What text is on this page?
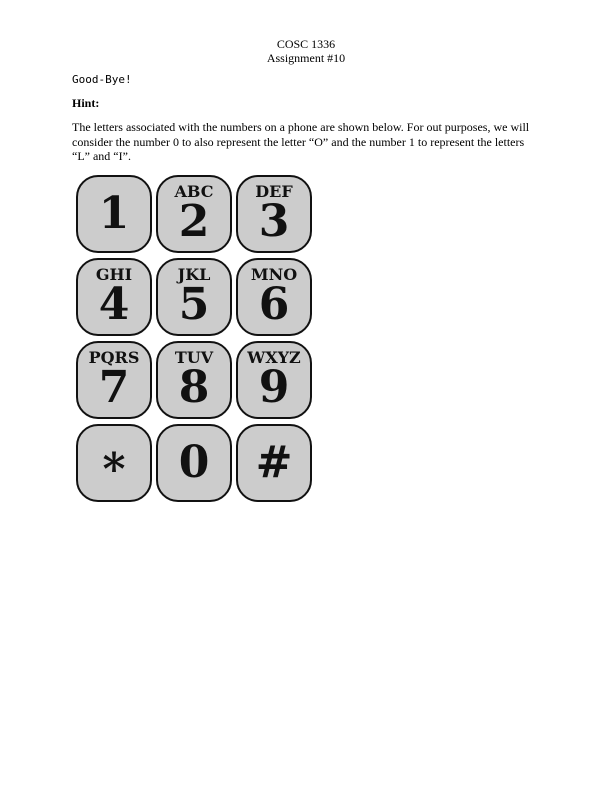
COSC 1336
Assignment #10
Good-Bye!
Hint:
The letters associated with the numbers on a phone are shown below. For out purposes, we will consider the number 0 to also represent the letter “O” and the number 1 to represent the letters “L” and “I”.
1	ABC
2
DEF
3
GHI
4
JKL
5
MNO
6
PQRS
7
TUV
8
WXYZ
9
*	0	#
